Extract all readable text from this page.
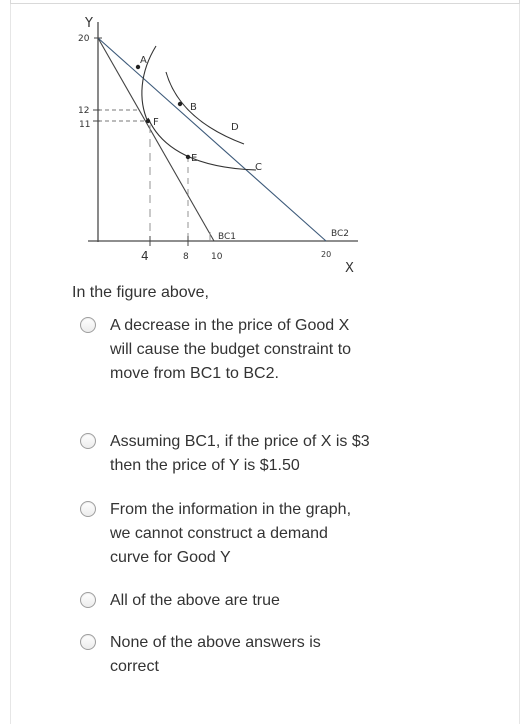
Y
X
20
12
11
4	8 10	20
A
B
C
D
E
F
BC1	BC2

In the figure above,

A decrease in the price of Good X will cause the budget constraint to move from BC1 to BC2.
Assuming BC1, if the price of X is $3 then the price of Y is $1.50
From the information in the graph, we cannot construct a demand curve for Good Y
All of the above are true
None of the above answers is correct
